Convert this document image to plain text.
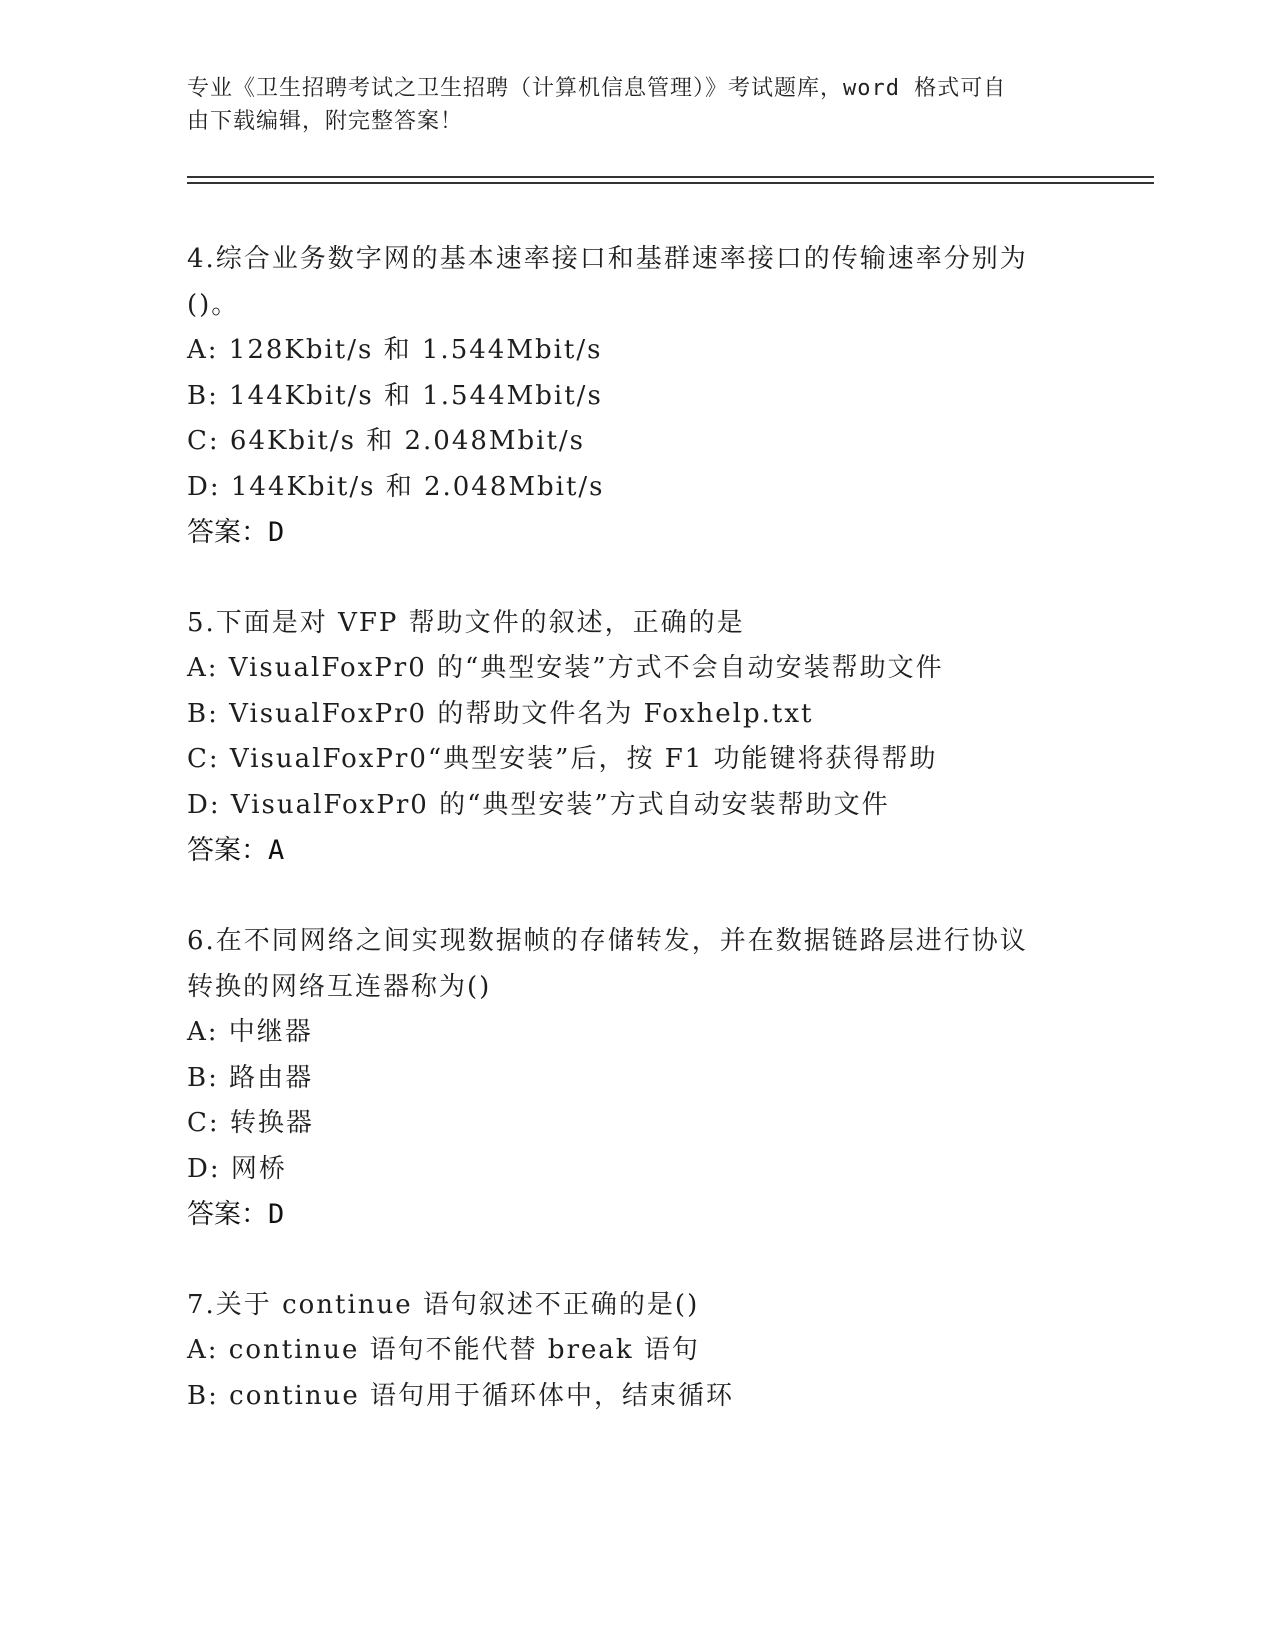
专业《卫生招聘考试之卫生招聘（计算机信息管理）》考试题库，word 格式可自
由下载编辑，附完整答案！
4.综合业务数字网的基本速率接口和基群速率接口的传输速率分别为
()。
A: 128Kbit/s 和 1.544Mbit/s
B: 144Kbit/s 和 1.544Mbit/s
C: 64Kbit/s 和 2.048Mbit/s
D: 144Kbit/s 和 2.048Mbit/s
答案：D
5.下面是对 VFP 帮助文件的叙述，正确的是
A: VisualFoxPr0 的“典型安装”方式不会自动安装帮助文件
B: VisualFoxPr0 的帮助文件名为 Foxhelp.txt
C: VisualFoxPr0“典型安装”后，按 F1 功能键将获得帮助
D: VisualFoxPr0 的“典型安装”方式自动安装帮助文件
答案：A
6.在不同网络之间实现数据帧的存储转发，并在数据链路层进行协议
转换的网络互连器称为()
A: 中继器
B: 路由器
C: 转换器
D: 网桥
答案：D
7.关于 continue 语句叙述不正确的是()
A: continue 语句不能代替 break 语句
B: continue 语句用于循环体中，结束循环
